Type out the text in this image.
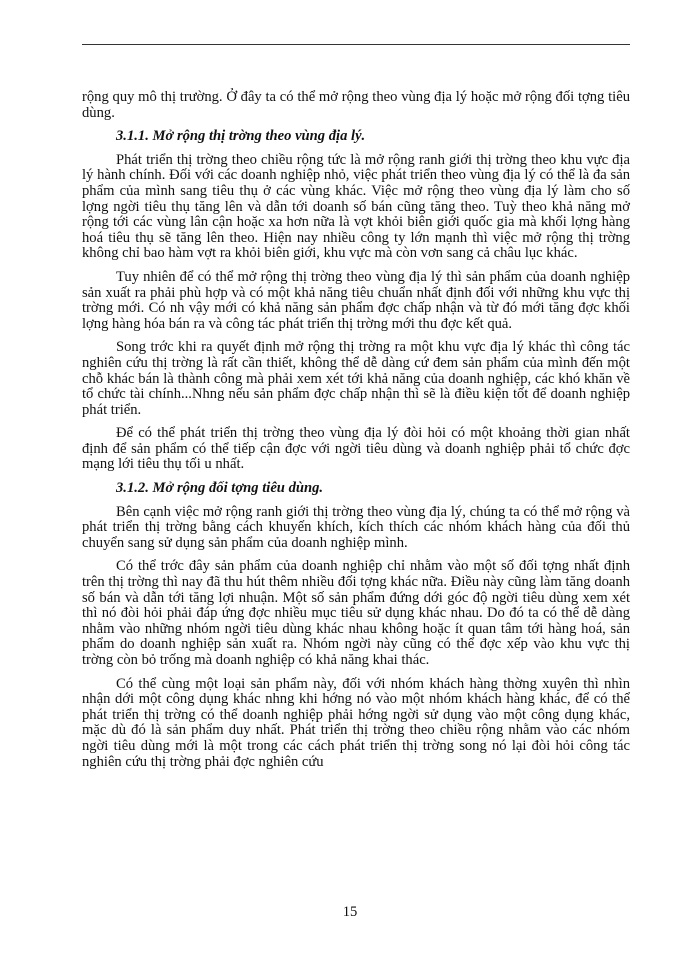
rộng quy mô thị trường. Ở đây ta có thể mở rộng theo vùng địa lý hoặc mở rộng đối tợng tiêu dùng.

3.1.1. Mở rộng thị trờng theo vùng địa lý.

Phát triển thị trờng theo chiều rộng tức là mở rộng ranh giới thị trờng theo khu vực địa lý hành chính. Đối với các doanh nghiệp nhỏ, việc phát triển theo vùng địa lý có thể là đa sản phẩm của mình sang tiêu thụ ở các vùng khác. Việc mở rộng theo vùng địa lý làm cho số lợng ngời tiêu thụ tăng lên và dẫn tới doanh số bán cũng tăng theo. Tuỳ theo khả năng mở rộng tới các vùng lân cận hoặc xa hơn nữa là vợt khỏi biên giới quốc gia mà khối lợng hàng hoá tiêu thụ sẽ tăng lên theo. Hiện nay nhiều công ty lớn mạnh thì việc mở rộng thị trờng không chỉ bao hàm vợt ra khỏi biên giới, khu vực mà còn vơn sang cả châu lục khác.

Tuy nhiên để có thể mở rộng thị trờng theo vùng địa lý thì sản phẩm của doanh nghiệp sản xuất ra phải phù hợp và có một khả năng tiêu chuẩn nhất định đối với những khu vực thị trờng mới. Có nh vậy mới có khả năng sản phẩm đợc chấp nhận và từ đó mới tăng đợc khối lợng hàng hóa bán ra và công tác phát triển thị trờng mới thu đợc kết quả.

Song trớc khi ra quyết định mở rộng thị trờng ra một khu vực địa lý khác thì công tác nghiên cứu thị trờng là rất cần thiết, không thể dễ dàng cứ đem sản phẩm của mình đến một chỗ khác bán là thành công mà phải xem xét tới khả năng của doanh nghiệp, các khó khăn về tổ chức tài chính...Nhng nếu sản phẩm đợc chấp nhận thì sẽ là điều kiện tốt để doanh nghiệp phát triển.

Để có thể phát triển thị trờng theo vùng địa lý đòi hỏi có một khoảng thời gian nhất định để sản phẩm có thể tiếp cận đợc với ngời tiêu dùng và doanh nghiệp phải tổ chức đợc mạng lới tiêu thụ tối u nhất.

3.1.2. Mở rộng đối tợng tiêu dùng.

Bên cạnh việc mở rộng ranh giới thị trờng theo vùng địa lý, chúng ta có thể mở rộng và phát triển thị trờng bằng cách khuyến khích, kích thích các nhóm khách hàng của đối thủ chuyển sang sử dụng sản phẩm của doanh nghiệp mình.

Có thể trớc đây sản phẩm của doanh nghiệp chỉ nhằm vào một số đối tợng nhất định trên thị trờng thì nay đã thu hút thêm nhiều đối tợng khác nữa. Điều này cũng làm tăng doanh số bán và dẫn tới tăng lợi nhuận. Một số sản phẩm đứng dới góc độ ngời tiêu dùng xem xét thì nó đòi hỏi phải đáp ứng đợc nhiều mục tiêu sử dụng khác nhau. Do đó ta có thể dễ dàng nhằm vào những nhóm ngời tiêu dùng khác nhau không hoặc ít quan tâm tới hàng hoá, sản phẩm do doanh nghiệp sản xuất ra. Nhóm ngời này cũng có thể đợc xếp vào khu vực thị trờng còn bỏ trống mà doanh nghiệp có khả năng khai thác.

Có thể cùng một loại sản phẩm này, đối với nhóm khách hàng thờng xuyên thì nhìn nhận dới một công dụng khác nhng khi hớng nó vào một nhóm khách hàng khác, để có thể phát triển thị trờng có thể doanh nghiệp phải hớng ngời sử dụng vào một công dụng khác, mặc dù đó là sản phẩm duy nhất. Phát triển thị trờng theo chiều rộng nhằm vào các nhóm ngời tiêu dùng mới là một trong các cách phát triển thị trờng song nó lại đòi hỏi công tác nghiên cứu thị trờng phải đợc nghiên cứu

15
